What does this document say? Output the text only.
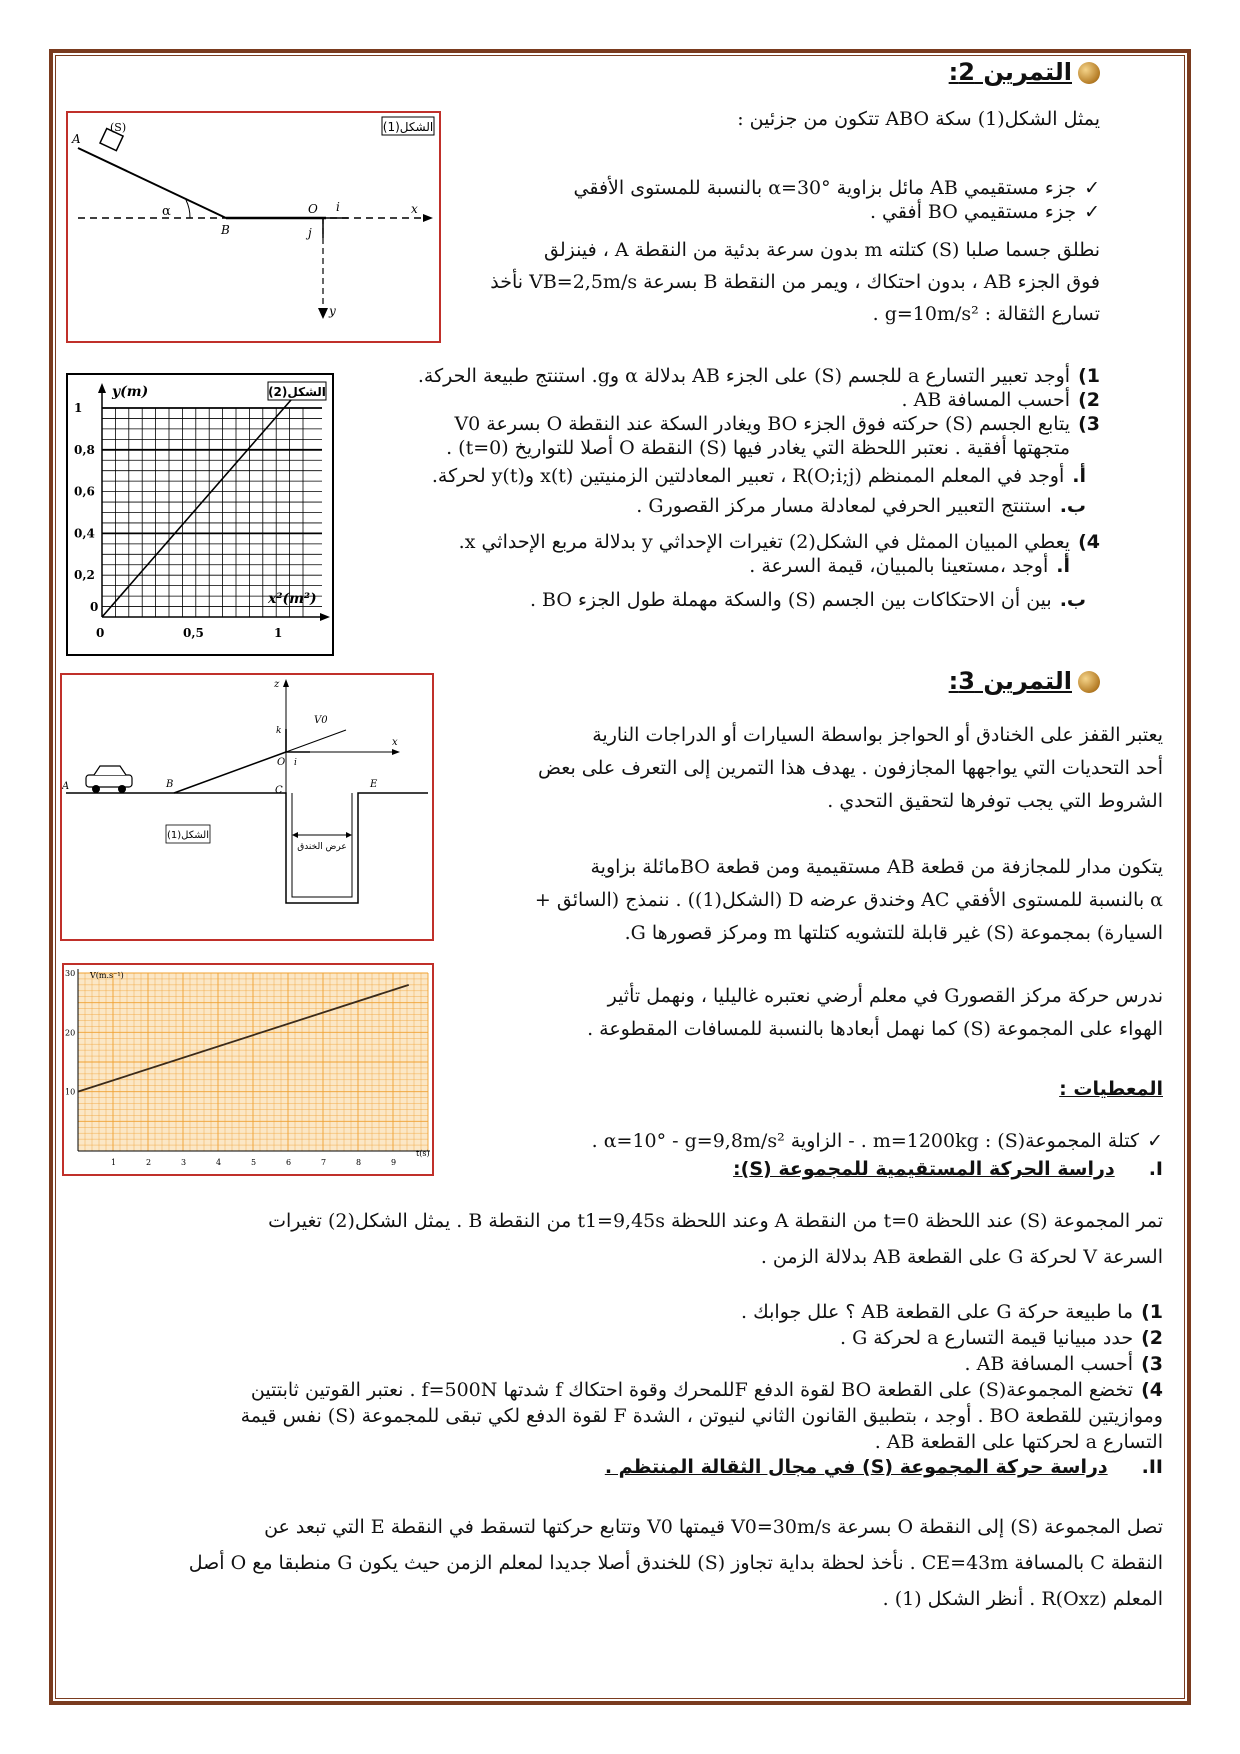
التمرين 2:
يمثل الشكل(1) سكة ABO تتكون من جزئين :
✓جزء مستقيمي AB مائل بزاوية α=30° بالنسبة للمستوى الأفقي
✓جزء مستقيمي BO أفقي .
نطلق جسما صلبا (S) كتلته m بدون سرعة بدئية من النقطة A ، فينزلق
فوق الجزء AB ، بدون احتكاك ، ويمر من النقطة B بسرعة VB=2,5m/s نأخذ
تسارع الثقالة : g=10m/s² .
الشكل(1)
A
(S)
α
B
O i	x
j
y
1)أوجد تعبير التسارع a للجسم (S) على الجزء AB بدلالة α وg. استنتج طبيعة الحركة.
2)أحسب المسافة AB .
3)يتابع الجسم (S) حركته فوق الجزء BO ويغادر السكة عند النقطة O بسرعة V0
متجهتها أفقية . نعتبر اللحظة التي يغادر فيها (S) النقطة O أصلا للتواريخ (t=0) .
أ.أوجد في المعلم الممنظم R(O;i;j) ، تعبير المعادلتين الزمنيتين x(t) وy(t) لحركة.
ب.استنتج التعبير الحرفي لمعادلة مسار مركز القصورG .
4)يعطي المبيان الممثل في الشكل(2) تغيرات الإحداثي y بدلالة مربع الإحداثي x.
أ.أوجد ،مستعينا بالمبيان، قيمة السرعة .
ب.بين أن الاحتكاكات بين الجسم (S) والسكة مهملة طول الجزء BO .
الشكل(2)
y(m)
x²(m²)
1
0,8
0,6
0,4
0,2
0
0	0,5	1
التمرين 3:
يعتبر القفز على الخنادق أو الحواجز بواسطة السيارات أو الدراجات النارية
أحد التحديات التي يواجهها المجازفون . يهدف هذا التمرين إلى التعرف على بعض
الشروط التي يجب توفرها لتحقيق التحدي .
يتكون مدار للمجازفة من قطعة AB مستقيمية ومن قطعة BOمائلة بزاوية
α بالنسبة للمستوى الأفقي AC وخندق عرضه D (الشكل(1)) . ننمذج (السائق +
السيارة) بمجموعة (S) غير قابلة للتشويه كتلتها m ومركز قصورها G.
ندرس حركة مركز القصورG في معلم أرضي نعتبره غاليليا ، ونهمل تأثير
الهواء على المجموعة (S) كما نهمل أبعادها بالنسبة للمسافات المقطوعة .
المعطيات :
✓كتلة المجموعة(S) : m=1200kg . - الزاوية α=10° - g=9,8m/s² .
I.دراسة الحركة المستقيمية للمجموعة (S):
عرض الخندق
الشكل(1)
A	B
C
E
O
x
z
V0
i
k
V(m.s⁻¹)
t(s)
30
20
10
1	2	3	4	5	6	7	8	9
تمر المجموعة (S) عند اللحظة t=0 من النقطة A وعند اللحظة t1=9,45s من النقطة B . يمثل الشكل(2) تغيرات
السرعة V لحركة G على القطعة AB بدلالة الزمن .
1)ما طبيعة حركة G على القطعة AB ؟ علل جوابك .
2)حدد مبيانيا قيمة التسارع a لحركة G .
3)أحسب المسافة AB .
4)تخضع المجموعة(S) على القطعة BO لقوة الدفع Fللمحرك وقوة احتكاك f شدتها f=500N . نعتبر القوتين ثابتتين
وموازيتين للقطعة BO . أوجد ، بتطبيق القانون الثاني لنيوتن ، الشدة F لقوة الدفع لكي تبقى للمجموعة (S) نفس قيمة
التسارع a لحركتها على القطعة AB .
II.دراسة حركة المجموعة (S) في مجال الثقالة المنتظم .
تصل المجموعة (S) إلى النقطة O بسرعة V0=30m/s قيمتها V0 وتتابع حركتها لتسقط في النقطة E التي تبعد عن
النقطة C بالمسافة CE=43m . نأخذ لحظة بداية تجاوز (S) للخندق أصلا جديدا لمعلم الزمن حيث يكون G منطبقا مع O أصل
المعلم R(Oxz) . أنظر الشكل (1) .
